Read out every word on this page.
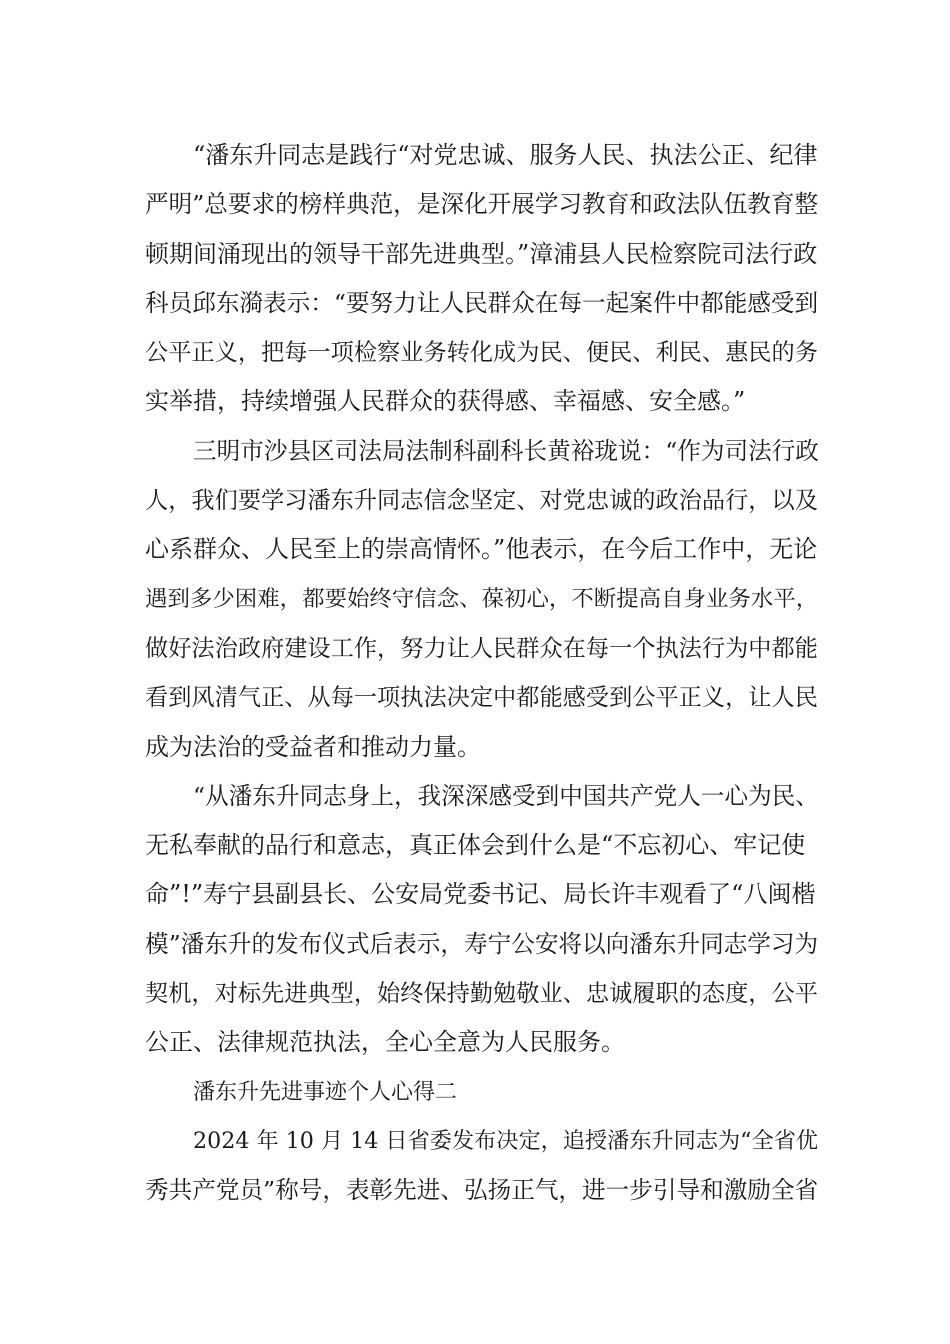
“潘东升同志是践行“对党忠诚、服务人民、执法公正、纪律
严明”总要求的榜样典范，是深化开展学习教育和政法队伍教育整
顿期间涌现出的领导干部先进典型。”漳浦县人民检察院司法行政
科员邱东漪表示：“要努力让人民群众在每一起案件中都能感受到
公平正义，把每一项检察业务转化成为民、便民、利民、惠民的务
实举措，持续增强人民群众的获得感、幸福感、安全感。”
三明市沙县区司法局法制科副科长黄裕珑说：“作为司法行政
人，我们要学习潘东升同志信念坚定、对党忠诚的政治品行，以及
心系群众、人民至上的崇高情怀。”他表示，在今后工作中，无论
遇到多少困难，都要始终守信念、葆初心，不断提高自身业务水平，
做好法治政府建设工作，努力让人民群众在每一个执法行为中都能
看到风清气正、从每一项执法决定中都能感受到公平正义，让人民
成为法治的受益者和推动力量。
“从潘东升同志身上，我深深感受到中国共产党人一心为民、
无私奉献的品行和意志，真正体会到什么是“不忘初心、牢记使
命”!”寿宁县副县长、公安局党委书记、局长许丰观看了“八闽楷
模”潘东升的发布仪式后表示，寿宁公安将以向潘东升同志学习为
契机，对标先进典型，始终保持勤勉敬业、忠诚履职的态度，公平
公正、法律规范执法，全心全意为人民服务。
潘东升先进事迹个人心得二
2024 年 10 月 14 日省委发布决定，追授潘东升同志为“全省优
秀共产党员”称号，表彰先进、弘扬正气，进一步引导和激励全省
